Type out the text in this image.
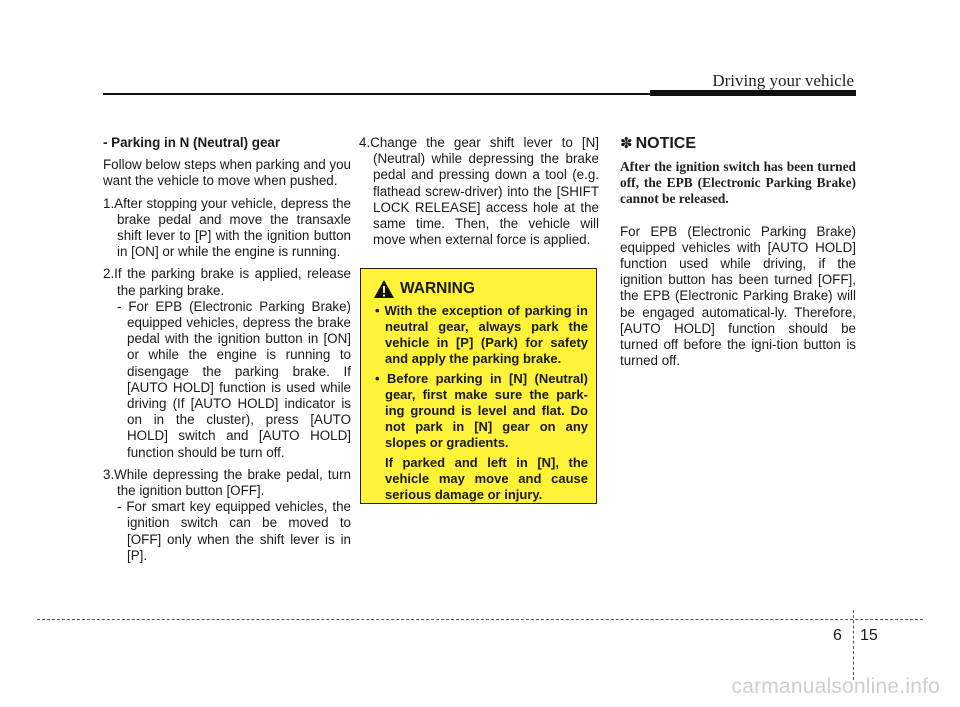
Driving your vehicle

- Parking in N (Neutral) gear

Follow below steps when parking and you want the vehicle to move when pushed.

1.After stopping your vehicle, depress the brake pedal and move the transaxle shift lever to [P] with the ignition button in [ON] or while the engine is running.

2.If the parking brake is applied, release the parking brake.

- For EPB (Electronic Parking Brake) equipped vehicles, depress the brake pedal with the ignition button in [ON] or while the engine is running to disengage the parking brake. If [AUTO HOLD] function is used while driving (If [AUTO HOLD] indicator is on in the cluster), press [AUTO HOLD] switch and [AUTO HOLD] function should be turn off.

3.While depressing the brake pedal, turn the ignition button [OFF].

- For smart key equipped vehicles, the ignition switch can be moved to [OFF] only when the shift lever is in [P].

4.Change the gear shift lever to [N] (Neutral) while depressing the brake pedal and pressing down a tool (e.g. flathead screw-driver) into the [SHIFT LOCK RELEASE] access hole at the same time. Then, the vehicle will move when external force is applied.

WARNING

• With the exception of parking in neutral gear, always park the vehicle in [P] (Park) for safety and apply the parking brake.

• Before parking in [N] (Neutral) gear, first make sure the park-ing ground is level and flat. Do not park in [N] gear on any slopes or gradients.

If parked and left in [N], the vehicle may move and cause serious damage or injury.

✽ NOTICE

After the ignition switch has been turned off, the EPB (Electronic Parking Brake) cannot be released.

For EPB (Electronic Parking Brake) equipped vehicles with [AUTO HOLD] function used while driving, if the ignition button has been turned [OFF], the EPB (Electronic Parking Brake) will be engaged automatical-ly. Therefore, [AUTO HOLD] function should be turned off before the igni-tion button is turned off.

6 15
carmanualsonline.info
